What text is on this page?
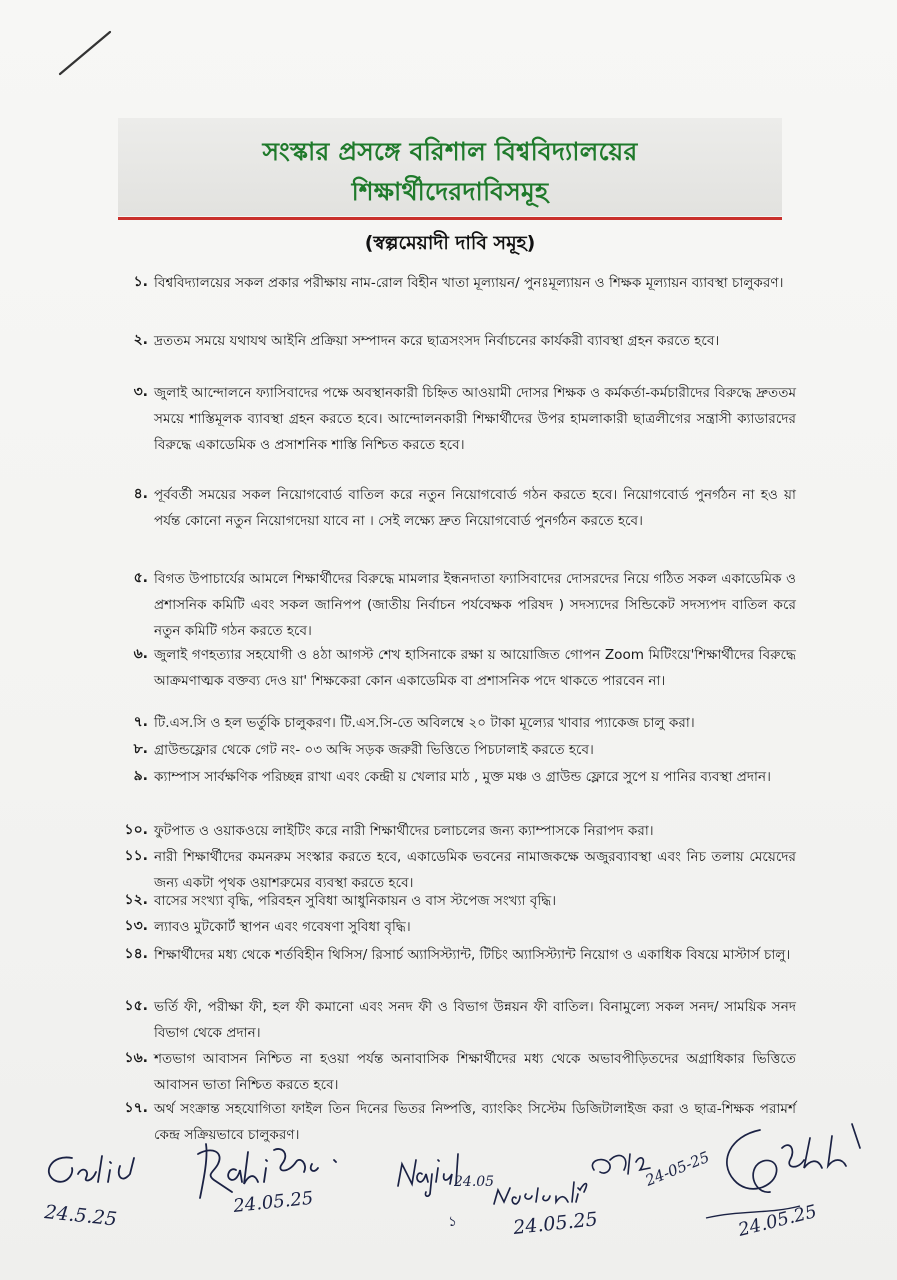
সংস্কার প্রসঙ্গে বরিশাল বিশ্ববিদ্যালয়ের
শিক্ষার্থীদেরদাবিসমূহ
(স্বল্পমেয়াদী দাবি সমূহ)
১. বিশ্ববিদ্যালয়ের সকল প্রকার পরীক্ষায় নাম-রোল বিহীন খাতা মূল্যায়ন/ পুনঃমূল্যায়ন ও শিক্ষক মূল্যায়ন ব্যাবস্থা চালুকরণ।
২. দ্রততম সময়ে যথাযথ আইনি প্রক্রিয়া সম্পাদন করে ছাত্রসংসদ নির্বাচনের কার্যকরী ব্যাবস্থা গ্রহন করতে হবে।
৩. জুলাই আন্দোলনে ফ্যাসিবাদের পক্ষে অবস্থানকারী চিহ্নিত আওয়ামী দোসর শিক্ষক ও কর্মকর্তা-কর্মচারীদের বিরুদ্ধে দ্রুততম সময়ে শাস্তিমূলক ব্যাবস্থা গ্রহন করতে হবে। আন্দোলনকারী শিক্ষার্থীদের উপর হামলাকারী ছাত্রলীগের সন্ত্রাসী ক্যাডারদের বিরুদ্ধে একাডেমিক ও প্রসাশনিক শাস্তি নিশ্চিত করতে হবে।
৪. পূর্ববর্তী সময়ের সকল নিয়োগবোর্ড বাতিল করে নতুন নিয়োগবোর্ড গঠন করতে হবে। নিয়োগবোর্ড পুনর্গঠন না হও য়া পর্যন্ত কোনো নতুন নিয়োগদেয়া যাবে না । সেই লক্ষ্যে দ্রুত নিয়োগবোর্ড পুনর্গঠন করতে হবে।
৫. বিগত উপাচার্যের আমলে শিক্ষার্থীদের বিরুদ্ধে মামলার ইন্ধনদাতা ফ্যাসিবাদের দোসরদের নিয়ে গঠিত সকল একাডেমিক ও প্রশাসনিক কমিটি এবং সকল জানিপপ (জাতীয় নির্বাচন পর্যবেক্ষক পরিষদ ) সদস্যদের সিন্ডিকেট সদস্যপদ বাতিল করে নতুন কমিটি গঠন করতে হবে।
৬. জুলাই গণহত্যার সহযোগী ও ৪ঠা আগস্ট শেখ হাসিনাকে রক্ষা য় আয়োজিত গোপন Zoom মিটিংয়ে'শিক্ষার্থীদের বিরুদ্ধে আক্রমণাত্মক বক্তব্য দেও য়া' শিক্ষকেরা কোন একাডেমিক বা প্রশাসনিক পদে থাকতে পারবেন না।
৭. টি.এস.সি ও হল ভর্তুকি চালুকরণ। টি.এস.সি-তে অবিলম্বে ২০ টাকা মূল্যের খাবার প্যাকেজ চালু করা।
৮. গ্রাউন্ডফ্লোর থেকে গেট নং- ০৩ অব্দি সড়ক জরুরী ভিত্তিতে পিচঢালাই করতে হবে।
৯. ক্যাম্পাস সার্বক্ষণিক পরিচ্ছন্ন রাখা এবং কেন্দ্রী য় খেলার মাঠ , মুক্ত মঞ্চ ও গ্রাউন্ড ফ্লোরে সুপে য় পানির ব্যবস্থা প্রদান।
১০. ফুটপাত ও ওয়াকওয়ে লাইটিং করে নারী শিক্ষার্থীদের চলাচলের জন্য ক্যাম্পাসকে নিরাপদ করা।
১১. নারী শিক্ষার্থীদের কমনরুম সংস্কার করতে হবে, একাডেমিক ভবনের নামাজকক্ষে অজুরব্যাবস্থা এবং নিচ তলায় মেয়েদের জন্য একটা পৃথক ওয়াশরুমের ব্যবস্থা করতে হবে।
১২. বাসের সংখ্যা বৃদ্ধি, পরিবহন সুবিধা আধুনিকায়ন ও বাস স্টপেজ সংখ্যা বৃদ্ধি।
১৩. ল্যাবও মুটকোর্ট স্থাপন এবং গবেষণা সুবিধা বৃদ্ধি।
১৪. শিক্ষার্থীদের মধ্য থেকে শর্তবিহীন থিসিস/ রিসার্চ অ্যাসিস্ট্যান্ট, টিচিং অ্যাসিস্ট্যান্ট নিয়োগ ও একাধিক বিষয়ে মাস্টার্স চালু।
১৫. ভর্তি ফী, পরীক্ষা ফী, হল ফী কমানো এবং সনদ ফী ও বিভাগ উন্নয়ন ফী বাতিল। বিনামুল্যে সকল সনদ/ সাময়িক সনদ বিভাগ থেকে প্রদান।
১৬. শতভাগ আবাসন নিশ্চিত না হওয়া পর্যন্ত অনাবাসিক শিক্ষার্থীদের মধ্য থেকে অভাবপীড়িতদের অগ্রাধিকার ভিত্তিতে আবাসন ভাতা নিশ্চিত করতে হবে।
১৭. অর্থ সংক্রান্ত সহযোগিতা ফাইল তিন দিনের ভিতর নিষ্পত্তি, ব্যাংকিং সিস্টেম ডিজিটালাইজ করা ও ছাত্র-শিক্ষক পরামর্শ কেন্দ্র সক্রিয়ভাবে চালুকরণ।
24.5.25	24.05.25
24.05
১	24.05.25
24-05-25
24.05.25
